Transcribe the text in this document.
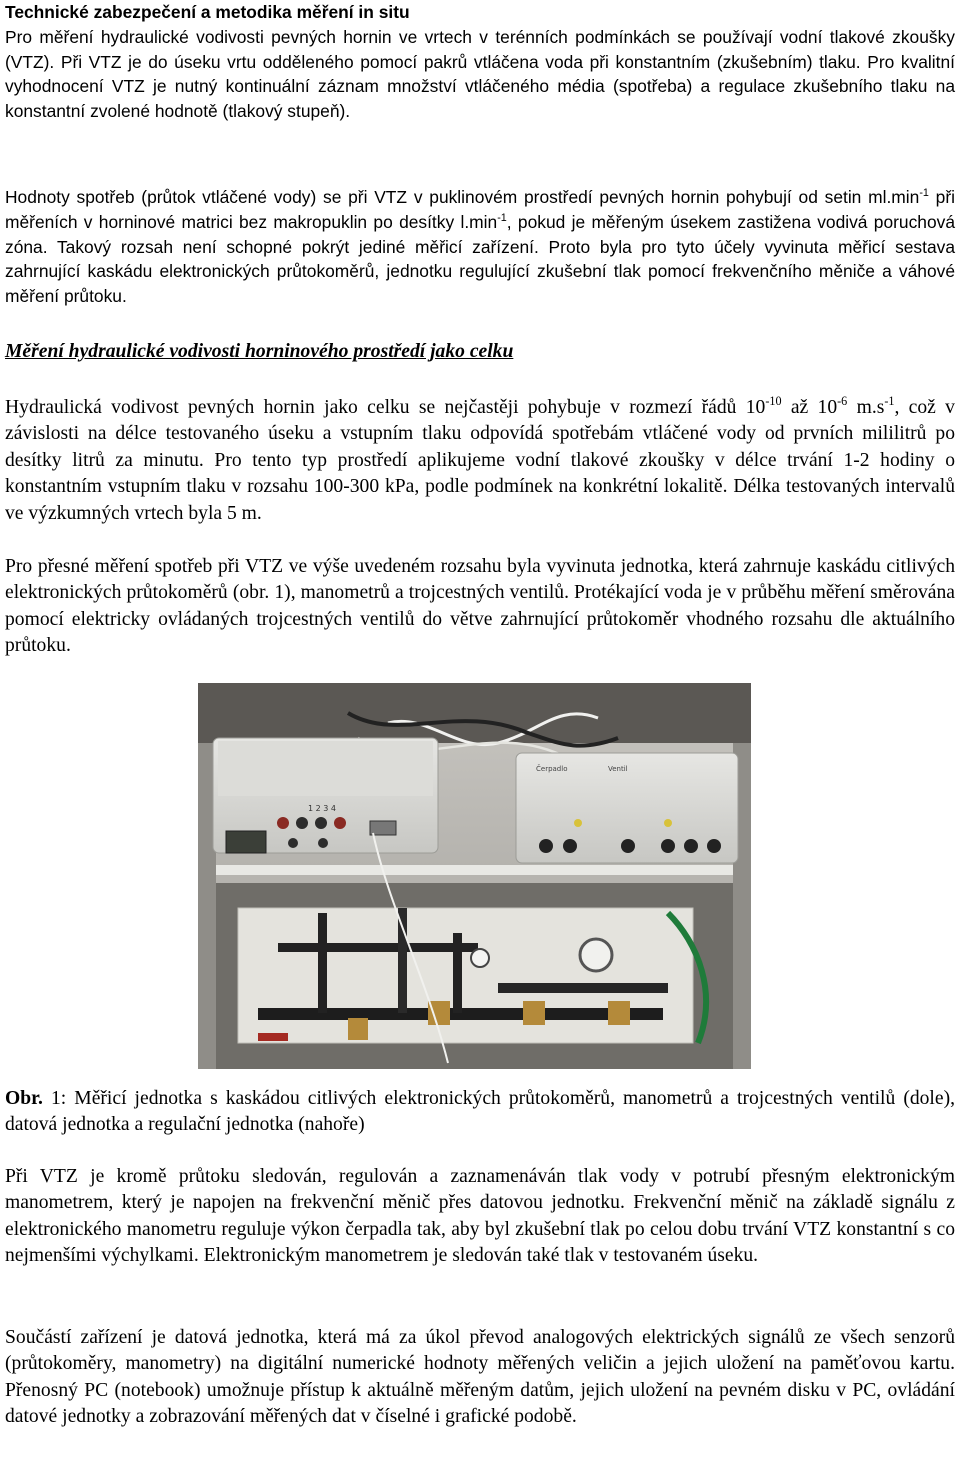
Technické zabezpečení a metodika měření in situ

Pro měření hydraulické vodivosti pevných hornin ve vrtech v terénních podmínkách se používají vodní tlakové zkoušky (VTZ). Při VTZ je do úseku vrtu odděleného pomocí pakrů vtláčena voda při konstantním (zkušebním) tlaku. Pro kvalitní vyhodnocení VTZ je nutný kontinuální záznam množství vtláčeného média (spotřeba) a regulace zkušebního tlaku na konstantní zvolené hodnotě (tlakový stupeň).

Hodnoty spotřeb (průtok vtláčené vody) se při VTZ v puklinovém prostředí pevných hornin pohybují od setin $ml.\min^{-1}$ při měřeních v horninové matrici bez makropuklin po desítky $l.\min^{-1}$, pokud je měřeným úsekem zastižena vodivá poruchová zóna. Takový rozsah není schopné pokrýt jediné měřicí zařízení. Proto byla pro tyto účely vyvinuta měřicí sestava zahrnující kaskádu elektronických průtokoměrů, jednotku regulující zkušební tlak pomocí frekvenčního měniče a váhové měření průtoku.

Měření hydraulické vodivosti horninového prostředí jako celku

Hydraulická vodivost pevných hornin jako celku se nejčastěji pohybuje v rozmezí řádů $10^{-10}$ až $10^{-6}$ $m.s^{-1}$, což v závislosti na délce testovaného úseku a vstupním tlaku odpovídá spotřebám vtláčené vody od prvních mililitrů po desítky litrů za minutu. Pro tento typ prostředí aplikujeme vodní tlakové zkoušky v délce trvání 1-2 hodiny o konstantním vstupním tlaku v rozsahu 100-300 kPa, podle podmínek na konkrétní lokalitě. Délka testovaných intervalů ve výzkumných vrtech byla 5 m.

Pro přesné měření spotřeb při VTZ ve výše uvedeném rozsahu byla vyvinuta jednotka, která zahrnuje kaskádu citlivých elektronických průtokoměrů (obr. 1), manometrů a trojcestných ventilů. Protékající voda je v průběhu měření směrována pomocí elektricky ovládaných trojcestných ventilů do větve zahrnující průtokoměr vhodného rozsahu dle aktuálního průtoku.

1 2 3 4
Čerpadlo	Ventil

Obr. 1: Měřicí jednotka s kaskádou citlivých elektronických průtokoměrů, manometrů a trojcestných ventilů (dole), datová jednotka a regulační jednotka (nahoře)

Při VTZ je kromě průtoku sledován, regulován a zaznamenáván tlak vody v potrubí přesným elektronickým manometrem, který je napojen na frekvenční měnič přes datovou jednotku. Frekvenční měnič na základě signálu z elektronického manometru reguluje výkon čerpadla tak, aby byl zkušební tlak po celou dobu trvání VTZ konstantní s co nejmenšími výchylkami. Elektronickým manometrem je sledován také tlak v testovaném úseku.

Součástí zařízení je datová jednotka, která má za úkol převod analogových elektrických signálů ze všech senzorů (průtokoměry, manometry) na digitální numerické hodnoty měřených veličin a jejich uložení na paměťovou kartu. Přenosný PC (notebook) umožnuje přístup k aktuálně měřeným datům, jejich uložení na pevném disku v PC, ovládání datové jednotky a zobrazování měřených dat v číselné i grafické podobě.
